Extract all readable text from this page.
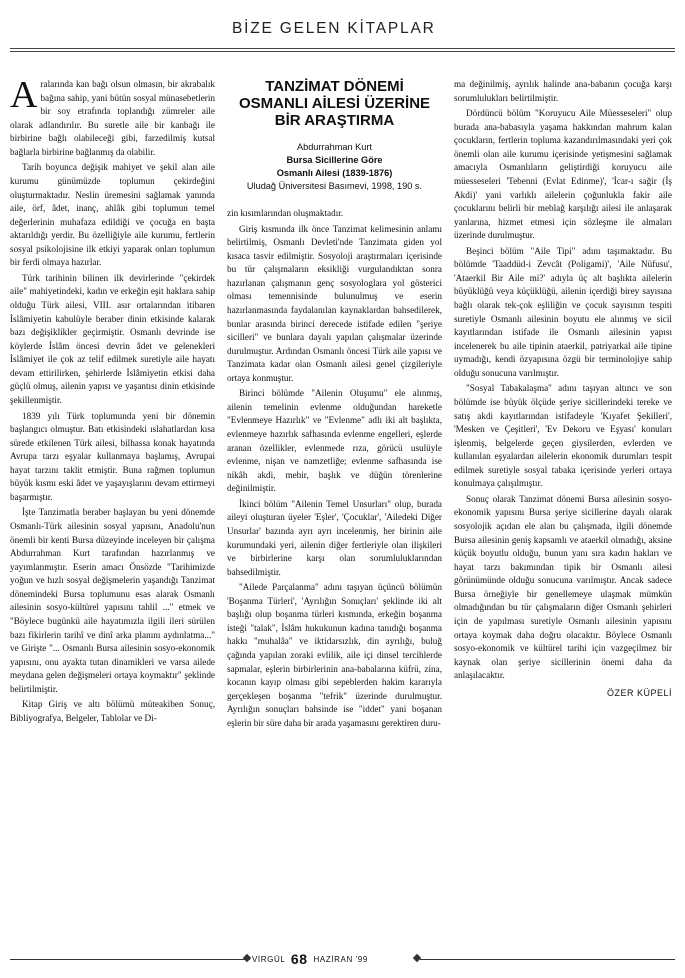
BİZE GELEN KİTAPLAR

Aralarında kan bağı olsun olmasın, bir akrabalık bağına sahip, yani bütün sosyal münasebetlerin bir soy etrafında toplandığı zümreler aile olarak adlandırılır. Bu suretle aile bir kanbağı ile birbirine bağlı olabileceği gibi, farzedilmiş kutsal bağlarla birbirine bağlanmış da olabilir.

Tarih boyunca değişik mahiyet ve şekil alan aile kurumu günümüzde toplumun çekirdeğini oluşturmaktadır. Neslin üremesini sağlamak yanında aile, örf, âdet, inanç, ahlâk gibi toplumun temel değerlerinin muhafaza edildiği ve çocuğa en başta aktarıldığı yerdir. Bu özelliğiyle aile kurumu, fertlerin sosyal psikolojisine ilk etkiyi yaparak onları toplumun bir ferdi olmaya hazırlar.

Türk tarihinin bilinen ilk devirlerinde "çekirdek aile" mahiyetindeki, kadın ve erkeğin eşit haklara sahip olduğu Türk ailesi, VIII. asır ortalarından itibaren İslâmiyetin kabulüyle beraber dinin etkisinde kalarak bazı değişiklikler geçirmiştir. Osmanlı devrinde ise köylerde İslâm öncesi devrin âdet ve gelenekleri İslâmiyet ile çok az telif edilmek suretiyle aile hayatı devam ettirilirken, şehirlerde İslâmiyetin etkisi daha güçlü olmuş, ailenin yapısı ve yaşantısı dinin etkisinde şekillenmiştir.

1839 yılı Türk toplumunda yeni bir dönemin başlangıcı olmuştur. Batı etkisindeki ıslahatlardan kısa sürede etkilenen Türk ailesi, bilhassa konak hayatında Avrupa tarzı eşyalar kullanmaya başlamış, Avrupai hayat tarzını taklit etmiştir. Buna rağmen toplumun büyük kısmı eski âdet ve yaşayışlarını devam ettirmeyi başarmıştır.

İşte Tanzimatla beraber başlayan bu yeni dönemde Osmanlı-Türk ailesinin sosyal yapısını, Anadolu'nun önemli bir kenti Bursa düzeyinde inceleyen bir çalışma Abdurrahman Kurt tarafından hazırlanmış ve yayımlanmıştır. Eserin amacı Önsözde "Tarihimizde yoğun ve hızlı sosyal değişmelerin yaşandığı Tanzimat dönemindeki Bursa toplumunu esas alarak Osmanlı ailesinin sosyo-kültürel yapısını tahlil ..." etmek ve "Böylece bugünkü aile hayatımızla ilgili ileri sürülen bazı fikirlerin tarihî ve dinî arka planını aydınlatma..." ve Girişte "... Osmanlı Bursa ailesinin sosyo-ekonomik yapısını, onu ayakta tutan dinamikleri ve varsa ailede meydana gelen değişmeleri ortaya koymaktır" şeklinde belirtilmiştir.

Kitap Giriş ve altı bölümü müteakiben Sonuç, Bibliyografya, Belgeler, Tablolar ve Di-

TANZİMAT DÖNEMİ
OSMANLI AİLESİ ÜZERİNE
BİR ARAŞTIRMA
Abdurrahman Kurt
Bursa Sicillerine Göre
Osmanlı Ailesi (1839-1876)
Uludağ Üniversitesi Basımevi, 1998, 190 s.

zin kısımlarından oluşmaktadır.

Giriş kısmında ilk önce Tanzimat kelimesinin anlamı belirtilmiş, Osmanlı Devleti'nde Tanzimata giden yol kısaca tasvir edilmiştir. Sosyoloji araştırmaları içerisinde bu tür çalışmaların eksikliği vurgulandıktan sonra hazırlanan çalışmanın genç sosyologlara yol gösterici olması temennisinde bulunulmuş ve eserin hazırlanmasında faydalanılan kaynaklardan bahsedilerek, bunlar arasında birinci derecede istifade edilen "şeriye sicilleri" ve bunlara dayalı yapılan çalışmalar üzerinde durulmuştur. Ardından Osmanlı öncesi Türk aile yapısı ve Tanzimata kadar olan Osmanlı ailesi genel çizgileriyle ortaya konmuştur.

Birinci bölümde "Ailenin Oluşumu" ele alınmış, ailenin temelinin evlenme olduğundan hareketle "Evlenmeye Hazırlık" ve "Evlenme" adlı iki alt başlıkta, evlenmeye hazırlık safhasında evlenme engelleri, eşlerde aranan özellikler, evlenmede rıza, görücü usulüyle evlenme, nişan ve namzetliğe; evlenme safhasında ise nikâh akdi, mehir, başlık ve düğün törenlerine değinilmiştir.

İkinci bölüm "Ailenin Temel Unsurları" olup, burada aileyi oluşturan üyeler 'Eşler', 'Çocuklar', 'Ailedeki Diğer Unsurlar' bazında ayrı ayrı incelenmiş, her birinin aile kurumundaki yeri, ailenin diğer fertleriyle olan ilişkileri ve birbirlerine karşı olan sorumluluklarından bahsedilmiştir.

"Ailede Parçalanma" adını taşıyan üçüncü bölümün 'Boşanma Türleri', 'Ayrılığın Sonuçları' şeklinde iki alt başlığı olup boşanma türleri kısmında, erkeğin boşanma isteği "talak", İslâm hukukunun kadına tanıdığı boşanma hakkı "muhalâa" ve iktidarsızlık, din ayrılığı, buluğ çağında yapılan zoraki evlilik, aile içi dinsel tercihlerde sapmalar, eşlerin birbirlerinin ana-babalarına küfrü, zina, kocanın kayıp olması gibi sepeblerden hakim kararıyla gerçekleşen boşanma "tefrik" üzerinde durulmuştur. Ayrılığın sonuçları bahsinde ise "iddet" yani boşanan eşlerin bir süre daha bir arada yaşamasını gerektiren duru-

ma değinilmiş, ayrılık halinde ana-babanın çocuğa karşı sorumlulukları belirtilmiştir.

Dördüncü bölüm "Koruyucu Aile Müesseseleri" olup burada ana-babasıyla yaşama hakkından mahrum kalan çocukların, fertlerin topluma kazandırılmasındaki yeri çok önemli olan aile kurumu içerisinde yetişmesini sağlamak amacıyla Osmanlıların geliştirdiği koruyucu aile müesseseleri 'Tebenni (Evlat Edinme)', 'İcar-ı sağir (İş Akdi)' yani varlıklı ailelerin çoğunlukla fakir aile çocuklarını belirli bir meblağ karşılığı ailesi ile anlaşarak yanlarına, hizmet etmesi için sözleşme ile almaları üzerinde durulmuştur.

Beşinci bölüm "Aile Tipi" adını taşımaktadır. Bu bölümde 'Taaddüd-i Zevcât (Poligami)', 'Aile Nüfusu', 'Ataerkil Bir Aile mi?' adıyla üç alt başlıkta ailelerin büyüklüğü veya küçüklüğü, ailenin içerdiği birey sayısına bağlı olarak tek-çok eşliliğin ve çocuk sayısının tespiti suretiyle Osmanlı ailesinin boyutu ele alınmış ve sicil kayıtlarından istifade ile Osmanlı ailesinin yapısı incelenerek bu aile tipinin ataerkil, patriyarkal aile tipine uymadığı, kendi özyapısına özgü bir terminolojiye sahip olduğu sonucuna varılmıştır.

"Sosyal Tabakalaşma" adını taşıyan altıncı ve son bölümde ise büyük ölçüde şeriye sicillerindeki tereke ve satış akdi kayıtlarından istifadeyle 'Kıyafet Şekilleri', 'Mesken ve Çeşitleri', 'Ev Dekoru ve Eşyası' konuları işlenmiş, belgelerde geçen giysilerden, evlerden ve kullanılan eşyalardan ailelerin ekonomik durumları tespit edilmek suretiyle sosyal tabaka içerisinde yerleri ortaya konulmaya çalışılmıştır.

Sonuç olarak Tanzimat dönemi Bursa ailesinin sosyo-ekonomik yapısını Bursa şeriye sicillerine dayalı olarak sosyolojik açıdan ele alan bu çalışmada, ilgili dönemde Bursa ailesinin geniş kapsamlı ve ataerkil olmadığı, aksine küçük boyutlu olduğu, bunun yanı sıra kadın hakları ve hayat tarzı bakımından tipik bir Osmanlı ailesi görünümünde olduğu sonucuna varılmıştır. Ancak sadece Bursa örneğiyle bir genellemeye ulaşmak mümkün olmadığından bu tür çalışmaların diğer Osmanlı şehirleri için de yapılması suretiyle Osmanlı ailesinin yapısını ortaya koymak daha doğru olacaktır. Böylece Osmanlı sosyo-ekonomik ve kültürel tarihi için vazgeçilmez bir kaynak olan şeriye sicillerinin önemi daha da anlaşılacaktır.

ÖZER KÜPELİ
VİRGÜL 68 HAZİRAN '99
